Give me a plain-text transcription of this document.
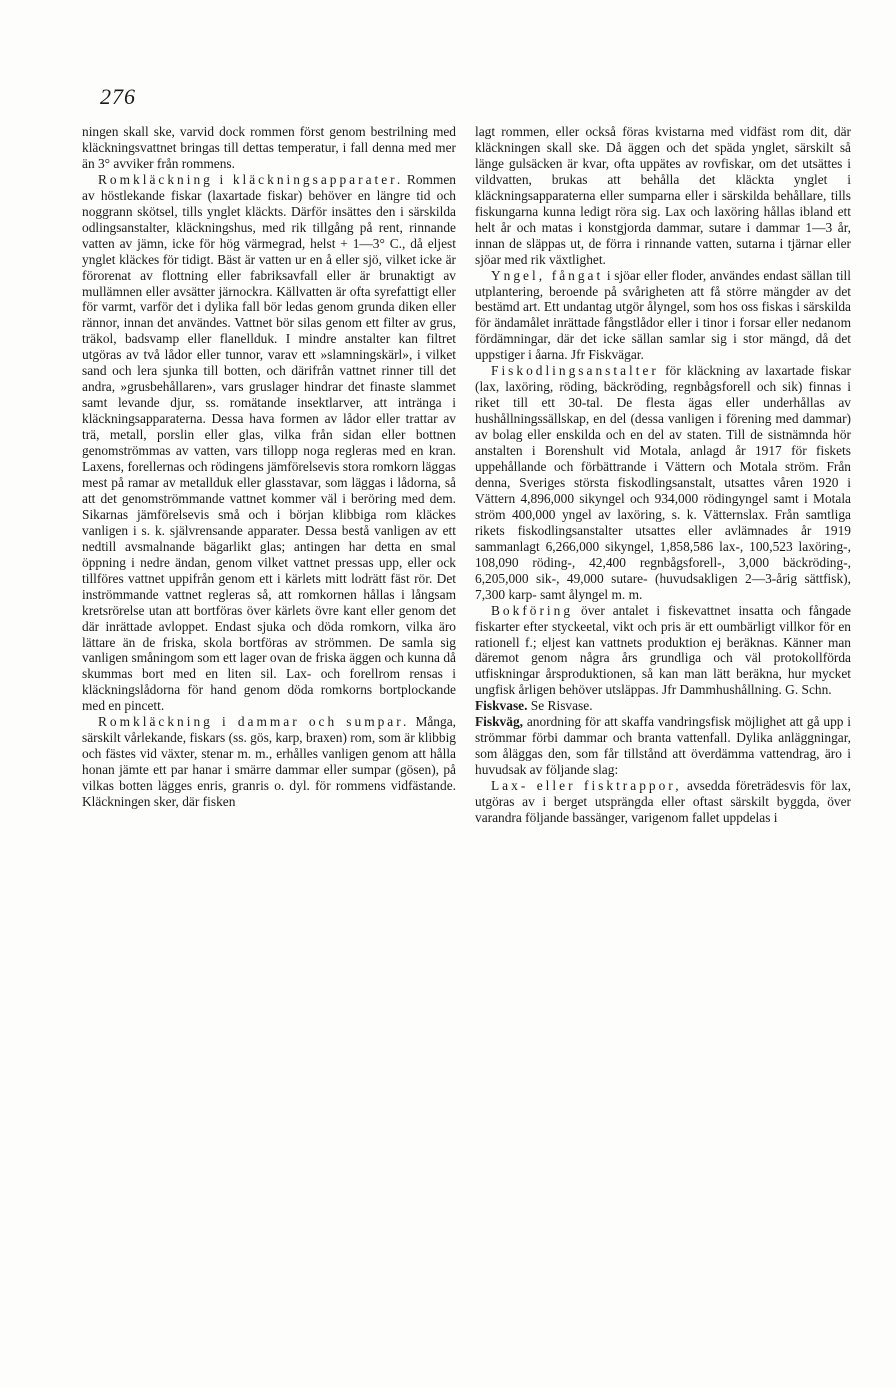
276

ningen skall ske, varvid dock rommen först genom bestrilning med kläckningsvattnet bringas till dettas temperatur, i fall denna med mer än 3° avviker från rommens.

Romkläckning i kläckningsapparater. Rommen av höstlekande fiskar (laxartade fiskar) behöver en längre tid och noggrann skötsel, tills ynglet kläckts. Därför insättes den i särskilda odlingsanstalter, kläckningshus, med rik tillgång på rent, rinnande vatten av jämn, icke för hög värmegrad, helst + 1—3° C., då eljest ynglet kläckes för tidigt. Bäst är vatten ur en å eller sjö, vilket icke är förorenat av flottning eller fabriksavfall eller är brunaktigt av mullämnen eller avsätter järnockra. Källvatten är ofta syrefattigt eller för varmt, varför det i dylika fall bör ledas genom grunda diken eller rännor, innan det användes. Vattnet bör silas genom ett filter av grus, träkol, badsvamp eller flanellduk. I mindre anstalter kan filtret utgöras av två lådor eller tunnor, varav ett »slamningskärl», i vilket sand och lera sjunka till botten, och därifrån vattnet rinner till det andra, »grusbehållaren», vars gruslager hindrar det finaste slammet samt levande djur, ss. romätande insektlarver, att intränga i kläckningsapparaterna. Dessa hava formen av lådor eller trattar av trä, metall, porslin eller glas, vilka från sidan eller bottnen genomströmmas av vatten, vars tillopp noga regleras med en kran. Laxens, forellernas och rödingens jämförelsevis stora romkorn läggas mest på ramar av metallduk eller glasstavar, som läggas i lådorna, så att det genomströmmande vattnet kommer väl i beröring med dem. Sikarnas jämförelsevis små och i början klibbiga rom kläckes vanligen i s. k. självrensande apparater. Dessa bestå vanligen av ett nedtill avsmalnande bägarlikt glas; antingen har detta en smal öppning i nedre ändan, genom vilket vattnet pressas upp, eller ock tillföres vattnet uppifrån genom ett i kärlets mitt lodrätt fäst rör. Det inströmmande vattnet regleras så, att romkornen hållas i långsam kretsrörelse utan att bortföras över kärlets övre kant eller genom det där inrättade avloppet. Endast sjuka och döda romkorn, vilka äro lättare än de friska, skola bortföras av strömmen. De samla sig vanligen småningom som ett lager ovan de friska äggen och kunna då skummas bort med en liten sil. Lax- och forellrom rensas i kläckningslådorna för hand genom döda romkorns bortplockande med en pincett.

Romkläckning i dammar och sumpar. Många, särskilt vårlekande, fiskars (ss. gös, karp, braxen) rom, som är klibbig och fästes vid växter, stenar m. m., erhålles vanligen genom att hålla honan jämte ett par hanar i smärre dammar eller sumpar (gösen), på vilkas botten lägges enris, granris o. dyl. för rommens vidfästande. Kläckningen sker, där fisken

lagt rommen, eller också föras kvistarna med vidfäst rom dit, där kläckningen skall ske. Då äggen och det späda ynglet, särskilt så länge gulsäcken är kvar, ofta uppätes av rovfiskar, om det utsättes i vildvatten, brukas att behålla det kläckta ynglet i kläckningsapparaterna eller sumparna eller i särskilda behållare, tills fiskungarna kunna ledigt röra sig. Lax och laxöring hållas ibland ett helt år och matas i konstgjorda dammar, sutare i dammar 1—3 år, innan de släppas ut, de förra i rinnande vatten, sutarna i tjärnar eller sjöar med rik växtlighet.

Yngel, fångat i sjöar eller floder, användes endast sällan till utplantering, beroende på svårigheten att få större mängder av det bestämd art. Ett undantag utgör ålyngel, som hos oss fiskas i särskilda för ändamålet inrättade fångstlådor eller i tinor i forsar eller nedanom fördämningar, där det icke sällan samlar sig i stor mängd, då det uppstiger i åarna. Jfr Fiskvägar.

Fiskodlingsanstalter för kläckning av laxartade fiskar (lax, laxöring, röding, bäckröding, regnbågsforell och sik) finnas i riket till ett 30-tal. De flesta ägas eller underhållas av hushållningssällskap, en del (dessa vanligen i förening med dammar) av bolag eller enskilda och en del av staten. Till de sistnämnda hör anstalten i Borenshult vid Motala, anlagd år 1917 för fiskets uppehållande och förbättrande i Vättern och Motala ström. Från denna, Sveriges största fiskodlingsanstalt, utsattes våren 1920 i Vättern 4,896,000 sikyngel och 934,000 rödingyngel samt i Motala ström 400,000 yngel av laxöring, s. k. Vätternslax. Från samtliga rikets fiskodlingsanstalter utsattes eller avlämnades år 1919 sammanlagt 6,266,000 sikyngel, 1,858,586 lax-, 100,523 laxöring-, 108,090 röding-, 42,400 regnbågsforell-, 3,000 bäckröding-, 6,205,000 sik-, 49,000 sutare- (huvudsakligen 2—3-årig sättfisk), 7,300 karp- samt ålyngel m. m.

Bokföring över antalet i fiskevattnet insatta och fångade fiskarter efter styckeetal, vikt och pris är ett oumbärligt villkor för en rationell f.; eljest kan vattnets produktion ej beräknas. Känner man däremot genom några års grundliga och väl protokollförda utfiskningar årsproduktionen, så kan man lätt beräkna, hur mycket ungfisk årligen behöver utsläppas. Jfr Dammhushållning. G. Schn.

Fiskvase. Se Risvase.

Fiskväg, anordning för att skaffa vandringsfisk möjlighet att gå upp i strömmar förbi dammar och branta vattenfall. Dylika anläggningar, som åläggas den, som får tillstånd att överdämma vattendrag, äro i huvudsak av följande slag:

Lax- eller fisktrappor, avsedda företrädesvis för lax, utgöras av i berget utsprängda eller oftast särskilt byggda, över varandra följande bassänger, varigenom fallet uppdelas i
